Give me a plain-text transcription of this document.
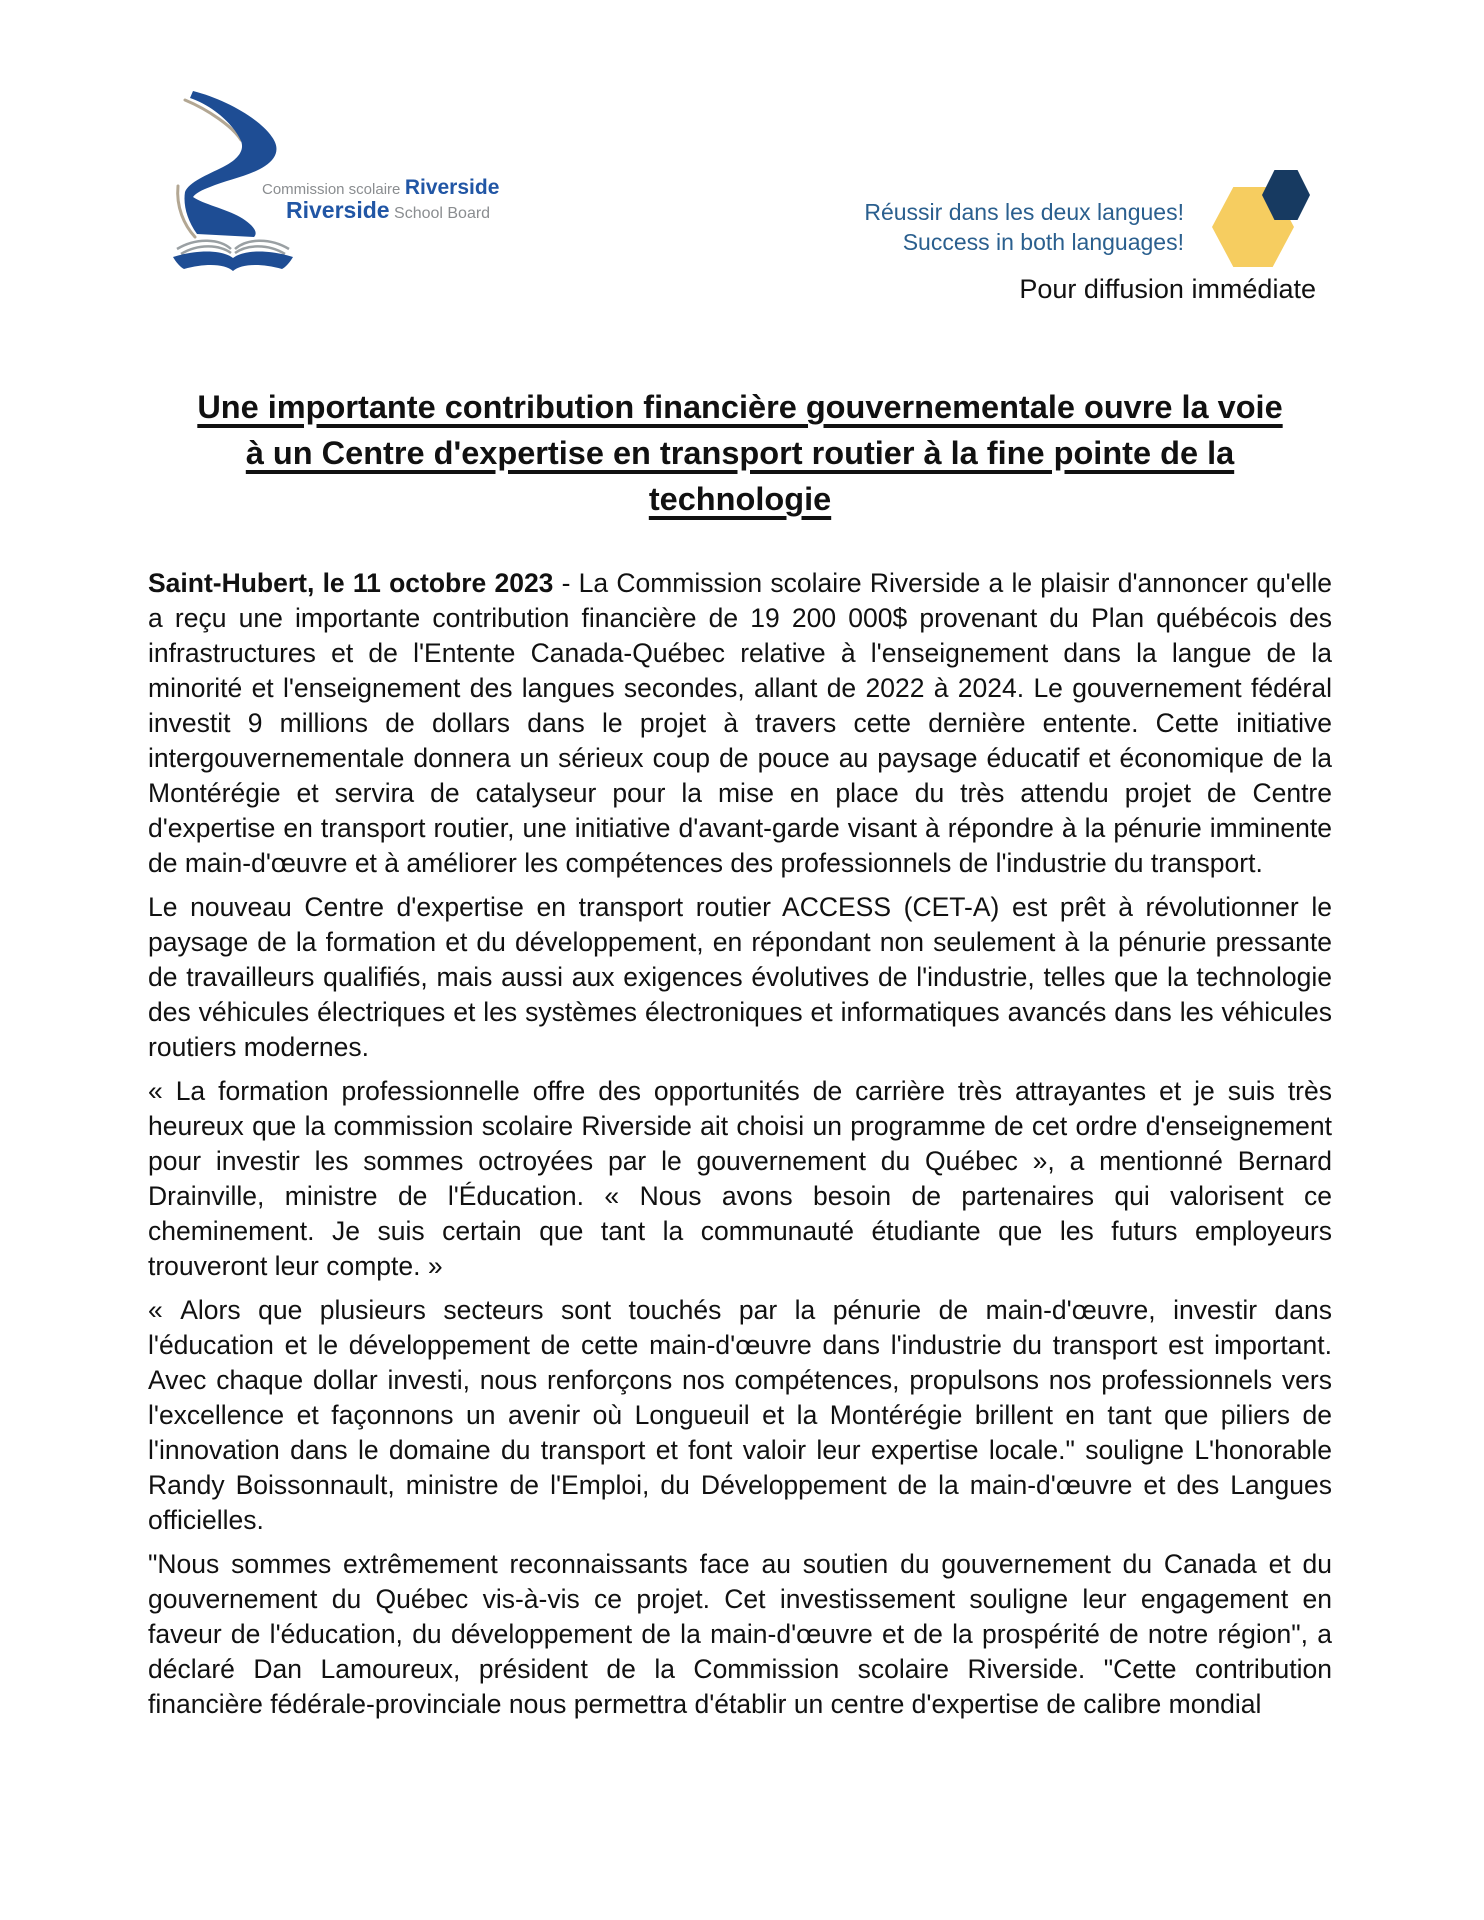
Commission scolaire Riverside
Riverside School Board	Réussir dans les deux langues!
Success in both languages!
Pour diffusion immédiate
Une importante contribution financière gouvernementale ouvre la voie
à un Centre d'expertise en transport routier à la fine pointe de la
technologie

Saint-Hubert, le 11 octobre 2023 - La Commission scolaire Riverside a le plaisir d'annoncer qu'elle a reçu une importante contribution financière de 19 200 000$ provenant du Plan québécois des infrastructures et de l'Entente Canada-Québec relative à l'enseignement dans la langue de la minorité et l'enseignement des langues secondes, allant de 2022 à 2024. Le gouvernement fédéral investit 9 millions de dollars dans le projet à travers cette dernière entente. Cette initiative intergouvernementale donnera un sérieux coup de pouce au paysage éducatif et économique de la Montérégie et servira de catalyseur pour la mise en place du très attendu projet de Centre d'expertise en transport routier, une initiative d'avant-garde visant à répondre à la pénurie imminente de main-d'œuvre et à améliorer les compétences des professionnels de l'industrie du transport.

Le nouveau Centre d'expertise en transport routier ACCESS (CET-A) est prêt à révolutionner le paysage de la formation et du développement, en répondant non seulement à la pénurie pressante de travailleurs qualifiés, mais aussi aux exigences évolutives de l'industrie, telles que la technologie des véhicules électriques et les systèmes électroniques et informatiques avancés dans les véhicules routiers modernes.

« La formation professionnelle offre des opportunités de carrière très attrayantes et je suis très heureux que la commission scolaire Riverside ait choisi un programme de cet ordre d'enseignement pour investir les sommes octroyées par le gouvernement du Québec », a mentionné Bernard Drainville, ministre de l'Éducation. « Nous avons besoin de partenaires qui valorisent ce cheminement. Je suis certain que tant la communauté étudiante que les futurs employeurs trouveront leur compte. »

« Alors que plusieurs secteurs sont touchés par la pénurie de main-d'œuvre, investir dans l'éducation et le développement de cette main-d'œuvre dans l'industrie du transport est important. Avec chaque dollar investi, nous renforçons nos compétences, propulsons nos professionnels vers l'excellence et façonnons un avenir où Longueuil et la Montérégie brillent en tant que piliers de l'innovation dans le domaine du transport et font valoir leur expertise locale." souligne L'honorable Randy Boissonnault, ministre de l'Emploi, du Développement de la main-d'œuvre et des Langues officielles.

"Nous sommes extrêmement reconnaissants face au soutien du gouvernement du Canada et du gouvernement du Québec vis-à-vis ce projet. Cet investissement souligne leur engagement en faveur de l'éducation, du développement de la main-d'œuvre et de la prospérité de notre région", a déclaré Dan Lamoureux, président de la Commission scolaire Riverside. "Cette contribution financière fédérale-provinciale nous permettra d'établir un centre d'expertise de calibre mondial
